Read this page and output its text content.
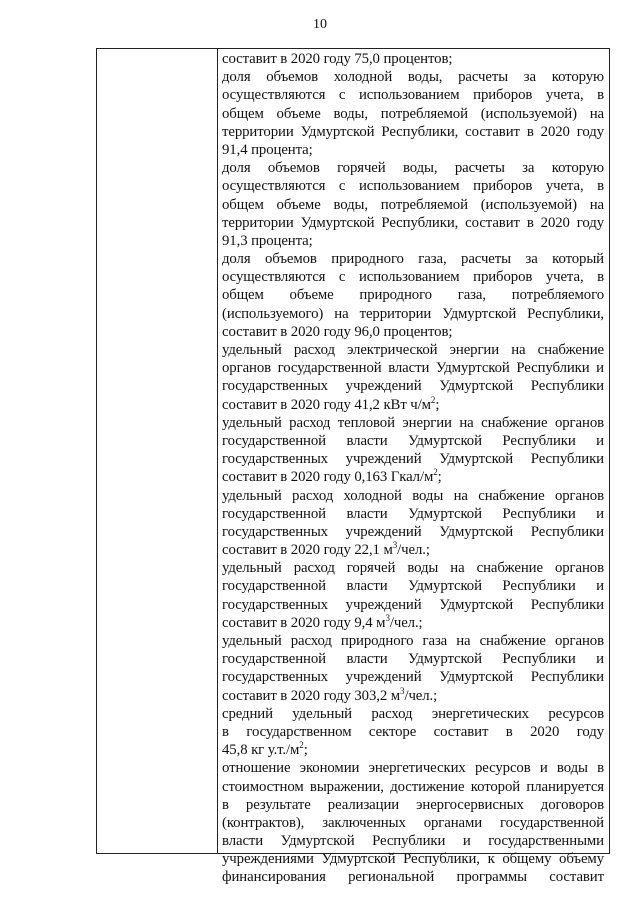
10
составит в 2020 году 75,0 процентов;
доля объемов холодной воды, расчеты за которую
осуществляются с использованием приборов учета, в
общем объеме воды, потребляемой (используемой) на
территории Удмуртской Республики, составит в 2020 году
91,4 процента;
доля объемов горячей воды, расчеты за которую
осуществляются с использованием приборов учета, в
общем объеме воды, потребляемой (используемой) на
территории Удмуртской Республики, составит в 2020 году
91,3 процента;
доля объемов природного газа, расчеты за который
осуществляются с использованием приборов учета, в
общем объеме природного газа, потребляемого
(используемого) на территории Удмуртской Республики,
составит в 2020 году 96,0 процентов;
удельный расход электрической энергии на снабжение
органов государственной власти Удмуртской Республики и
государственных учреждений Удмуртской Республики
составит в 2020 году 41,2 кВт $ч/м^2$;
удельный расход тепловой энергии на снабжение органов
государственной власти Удмуртской Республики и
государственных учреждений Удмуртской Республики
составит в 2020 году 0,163 Гкал/$м^2$;
удельный расход холодной воды на снабжение органов
государственной власти Удмуртской Республики и
государственных учреждений Удмуртской Республики
составит в 2020 году 22,1 $м^3$/чел.;
удельный расход горячей воды на снабжение органов
государственной власти Удмуртской Республики и
государственных учреждений Удмуртской Республики
составит в 2020 году 9,4 $м^3$/чел.;
удельный расход природного газа на снабжение органов
государственной власти Удмуртской Республики и
государственных учреждений Удмуртской Республики
составит в 2020 году 303,2 $м^3$/чел.;
средний удельный расход энергетических ресурсов
в государственном секторе составит в 2020 году
45,8 кг $у.т./м^2$;
отношение экономии энергетических ресурсов и воды в
стоимостном выражении, достижение которой планируется
в результате реализации энергосервисных договоров
(контрактов), заключенных органами государственной
власти Удмуртской Республики и государственными
учреждениями Удмуртской Республики, к общему объему
финансирования региональной программы составит
